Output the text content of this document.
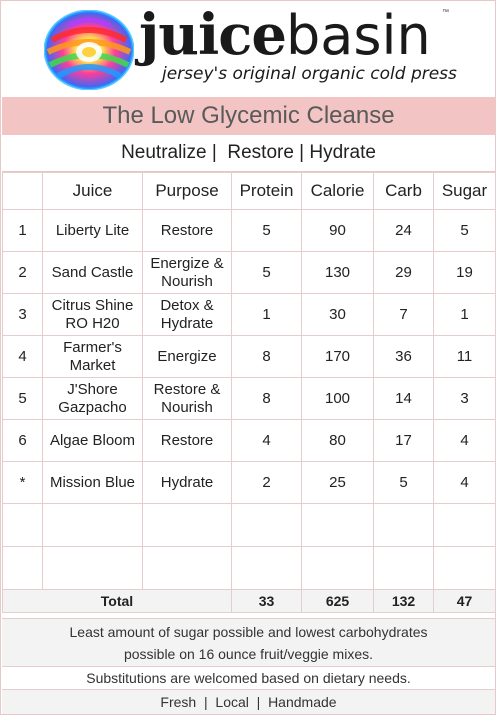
juicebasin ™
jersey's original organic cold press
The Low Glycemic Cleanse
Neutralize |  Restore | Hydrate
	Juice	Purpose	Protein	Calorie	Carb	Sugar
1	Liberty Lite	Restore	5	90	24	5
2	Sand Castle	Energize & Nourish	5	130	29	19
3	Citrus Shine RO H20	Detox & Hydrate	1	30	7	1
4	Farmer's Market	Energize	8	170	36	11
5	J'Shore Gazpacho	Restore & Nourish	8	100	14	3
6	Algae Bloom	Restore	4	80	17	4
*	Mission Blue	Hydrate	2	25	5	4

Total			33	625	132	47
Least amount of sugar possible and lowest carbohydrates
possible on 16 ounce fruit/veggie mixes.
Substitutions are welcomed based on dietary needs.
Fresh  |  Local  |  Handmade
